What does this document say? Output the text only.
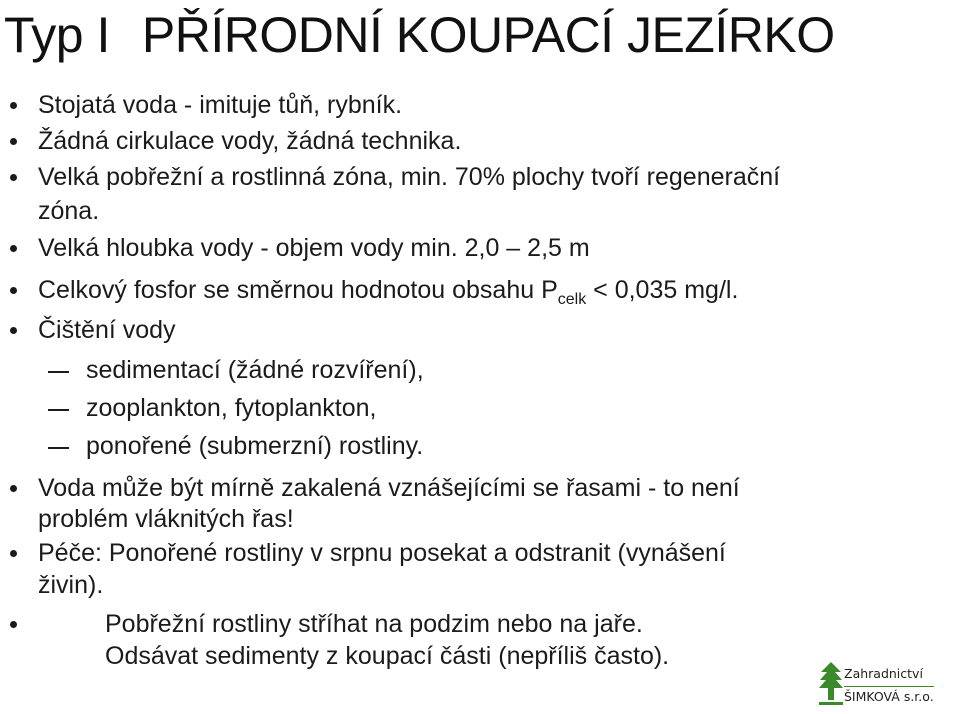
Typ I PŘÍRODNÍ KOUPACÍ JEZÍRKO

Stojatá voda - imituje tůň, rybník.

Žádná cirkulace vody, žádná technika.

Velká pobřežní a rostlinná zóna, min. 70% plochy tvoří regenerační

zóna.

Velká hloubka vody - objem vody min. 2,0 – 2,5 m

Celkový fosfor se směrnou hodnotou obsahu $P_{celk} < 0,035$ mg/l.

Čištění vody

sedimentací (žádné rozvíření),

zooplankton, fytoplankton,

ponořené (submerzní) rostliny.

Voda může být mírně zakalená vznášejícími se řasami - to není

problém vláknitých řas!

Péče: Ponořené rostliny v srpnu posekat a odstranit (vynášení

živin).

Pobřežní rostliny stříhat na podzim nebo na jaře.

Odsávat sedimenty z koupací části (nepříliš často).

Zahradnictví
ŠIMKOVÁ s.r.o.
